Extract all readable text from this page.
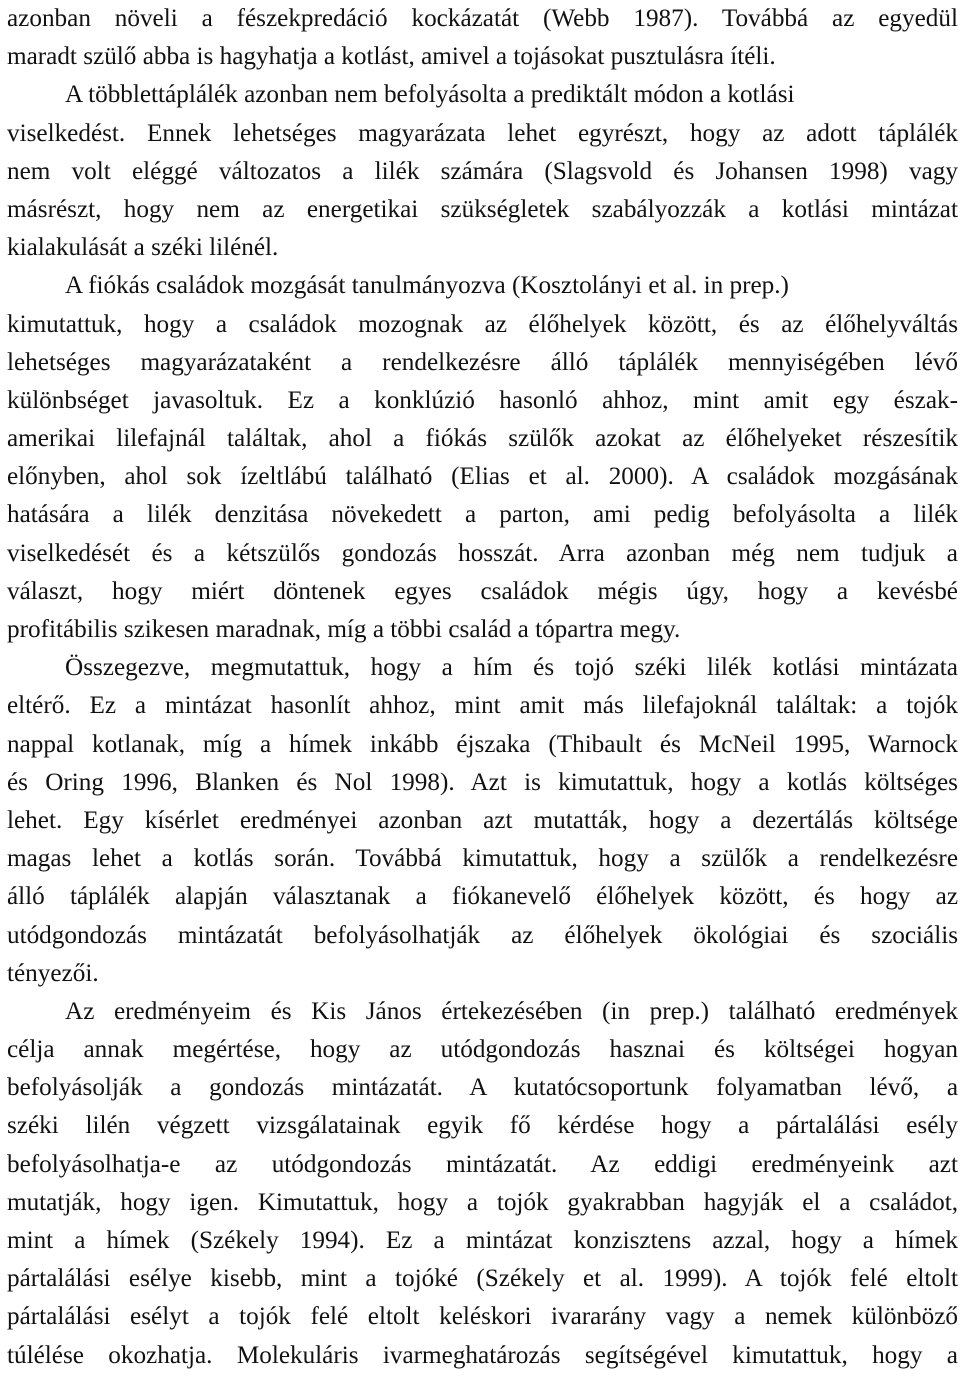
azonban növeli a fészekpredáció kockázatát (Webb 1987). Továbbá az egyedül
maradt szülő abba is hagyhatja a kotlást, amivel a tojásokat pusztulásra ítéli.
A többlettáplálék azonban nem befolyásolta a prediktált módon a kotlási
viselkedést. Ennek lehetséges magyarázata lehet egyrészt, hogy az adott táplálék
nem volt eléggé változatos a lilék számára (Slagsvold és Johansen 1998) vagy
másrészt, hogy nem az energetikai szükségletek szabályozzák a kotlási mintázat
kialakulását a széki lilénél.
A fiókás családok mozgását tanulmányozva (Kosztolányi et al. in prep.)
kimutattuk, hogy a családok mozognak az élőhelyek között, és az élőhelyváltás
lehetséges magyarázataként a rendelkezésre álló táplálék mennyiségében lévő
különbséget javasoltuk. Ez a konklúzió hasonló ahhoz, mint amit egy észak-
amerikai lilefajnál találtak, ahol a fiókás szülők azokat az élőhelyeket részesítik
előnyben, ahol sok ízeltlábú található (Elias et al. 2000). A családok mozgásának
hatására a lilék denzitása növekedett a parton, ami pedig befolyásolta a lilék
viselkedését és a kétszülős gondozás hosszát. Arra azonban még nem tudjuk a
választ, hogy miért döntenek egyes családok mégis úgy, hogy a kevésbé
profitábilis szikesen maradnak, míg a többi család a tópartra megy.
Összegezve, megmutattuk, hogy a hím és tojó széki lilék kotlási mintázata
eltérő. Ez a mintázat hasonlít ahhoz, mint amit más lilefajoknál találtak: a tojók
nappal kotlanak, míg a hímek inkább éjszaka (Thibault és McNeil 1995, Warnock
és Oring 1996, Blanken és Nol 1998). Azt is kimutattuk, hogy a kotlás költséges
lehet. Egy kísérlet eredményei azonban azt mutatták, hogy a dezertálás költsége
magas lehet a kotlás során. Továbbá kimutattuk, hogy a szülők a rendelkezésre
álló táplálék alapján választanak a fiókanevelő élőhelyek között, és hogy az
utódgondozás mintázatát befolyásolhatják az élőhelyek ökológiai és szociális
tényezői.
Az eredményeim és Kis János értekezésében (in prep.) található eredmények
célja annak megértése, hogy az utódgondozás hasznai és költségei hogyan
befolyásolják a gondozás mintázatát. A kutatócsoportunk folyamatban lévő, a
széki lilén végzett vizsgálatainak egyik fő kérdése hogy a pártalálási esély
befolyásolhatja-e az utódgondozás mintázatát. Az eddigi eredményeink azt
mutatják, hogy igen. Kimutattuk, hogy a tojók gyakrabban hagyják el a családot,
mint a hímek (Székely 1994). Ez a mintázat konzisztens azzal, hogy a hímek
pártalálási esélye kisebb, mint a tojóké (Székely et al. 1999). A tojók felé eltolt
pártalálási esélyt a tojók felé eltolt keléskori ivararány vagy a nemek különböző
túlélése okozhatja. Molekuláris ivarmeghatározás segítségével kimutattuk, hogy a
